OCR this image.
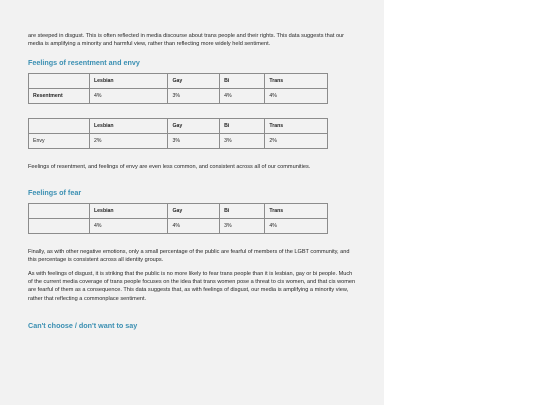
are steeped in disgust. This is often reflected in media discourse about trans people and their rights. This data suggests that our media is amplifying a minority and harmful view, rather than reflecting more widely held sentiment.

Feelings of resentment and envy
	Lesbian	Gay	Bi	Trans
Resentment	4%	3%	4%	4%
	Lesbian	Gay	Bi	Trans
Envy	2%	3%	3%	2%

Feelings of resentment, and feelings of envy are even less common, and consistent across all of our communities.

Feelings of fear
	Lesbian	Gay	Bi	Trans
	4%	4%	3%	4%

Finally, as with other negative emotions, only a small percentage of the public are fearful of members of the LGBT community, and this percentage is consistent across all identity groups.

As with feelings of disgust, it is striking that the public is no more likely to fear trans people than it is lesbian, gay or bi people. Much of the current media coverage of trans people focuses on the idea that trans women pose a threat to cis women, and that cis women are fearful of them as a consequence. This data suggests that, as with feelings of disgust, our media is amplifying a minority view, rather that reflecting a commonplace sentiment.

Can't choose / don't want to say
